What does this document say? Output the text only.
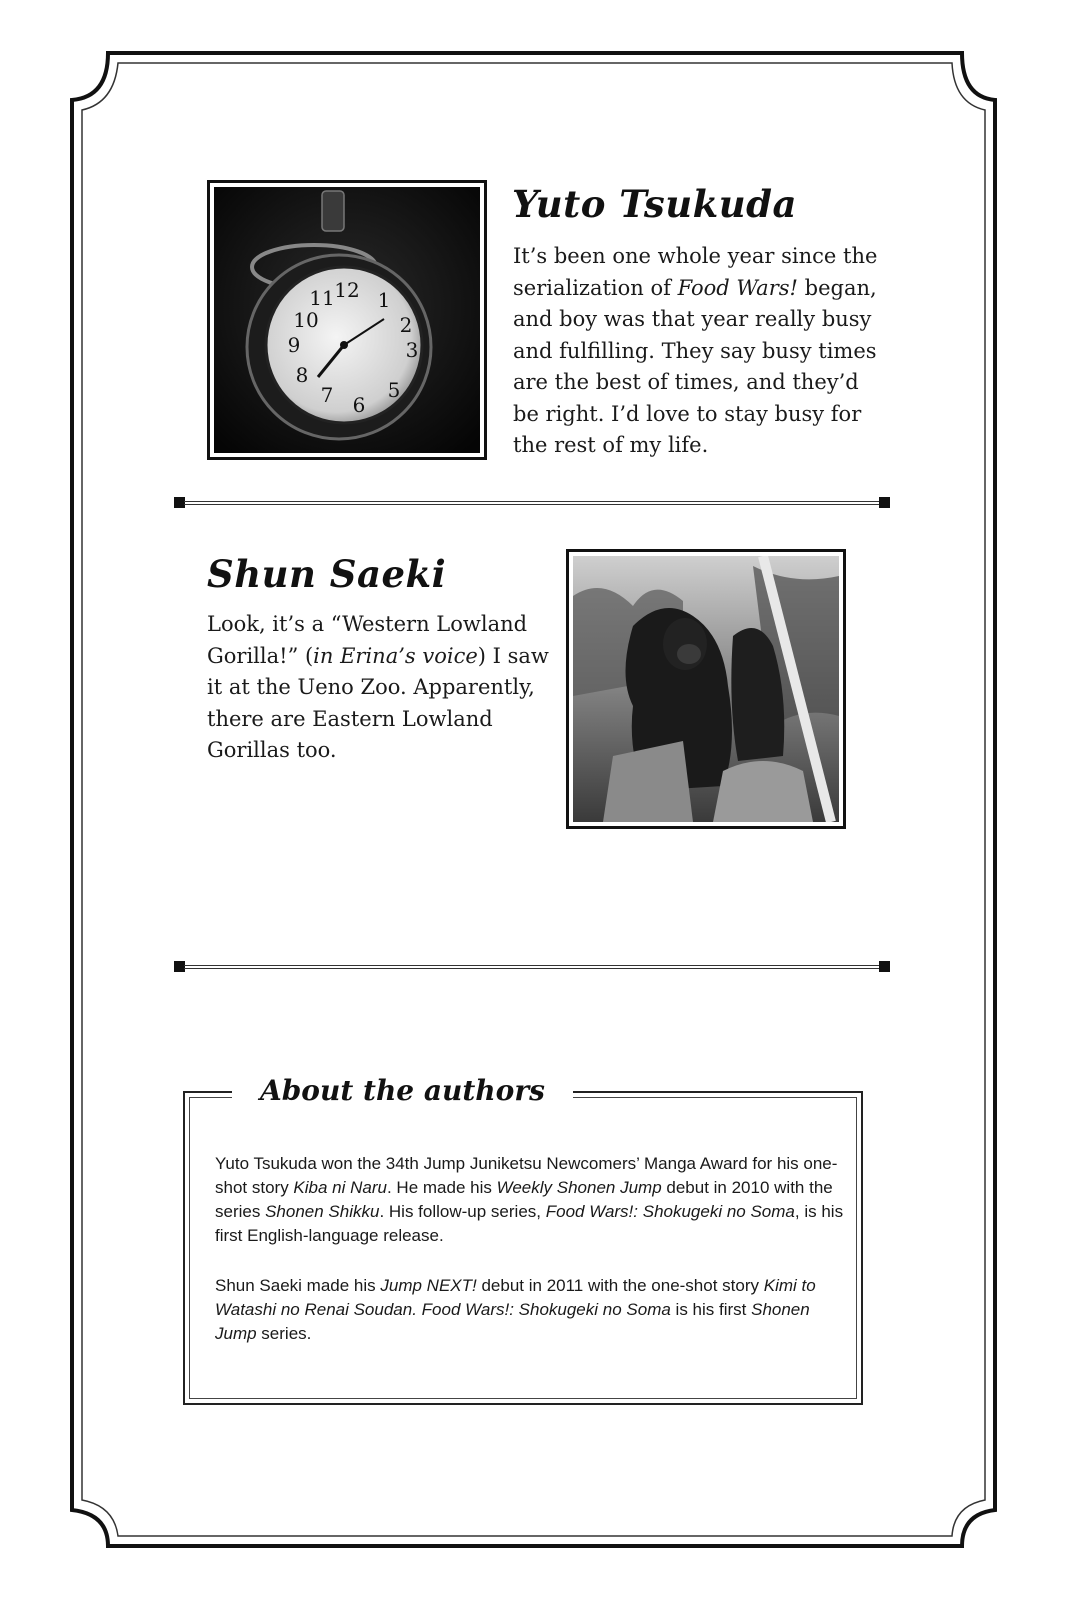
12 1
2
3
5
6
7
8
9
10
11
Yuto Tsukuda

It’s been one whole year since the serialization of Food Wars! began, and boy was that year really busy and fulfilling. They say busy times are the best of times, and they’d be right. I’d love to stay busy for the rest of my life.

Shun Saeki

Look, it’s a “Western Lowland Gorilla!” (in Erina’s voice) I saw it at the Ueno Zoo. Apparently, there are Eastern Lowland Gorillas too.

About the authors

Yuto Tsukuda won the 34th Jump Juniketsu Newcomers’ Manga Award for his one-shot story Kiba ni Naru. He made his Weekly Shonen Jump debut in 2010 with the series Shonen Shikku. His follow-up series, Food Wars!: Shokugeki no Soma, is his first English-language release.

Shun Saeki made his Jump NEXT! debut in 2011 with the one-shot story Kimi to Watashi no Renai Soudan. Food Wars!: Shokugeki no Soma is his first Shonen Jump series.
